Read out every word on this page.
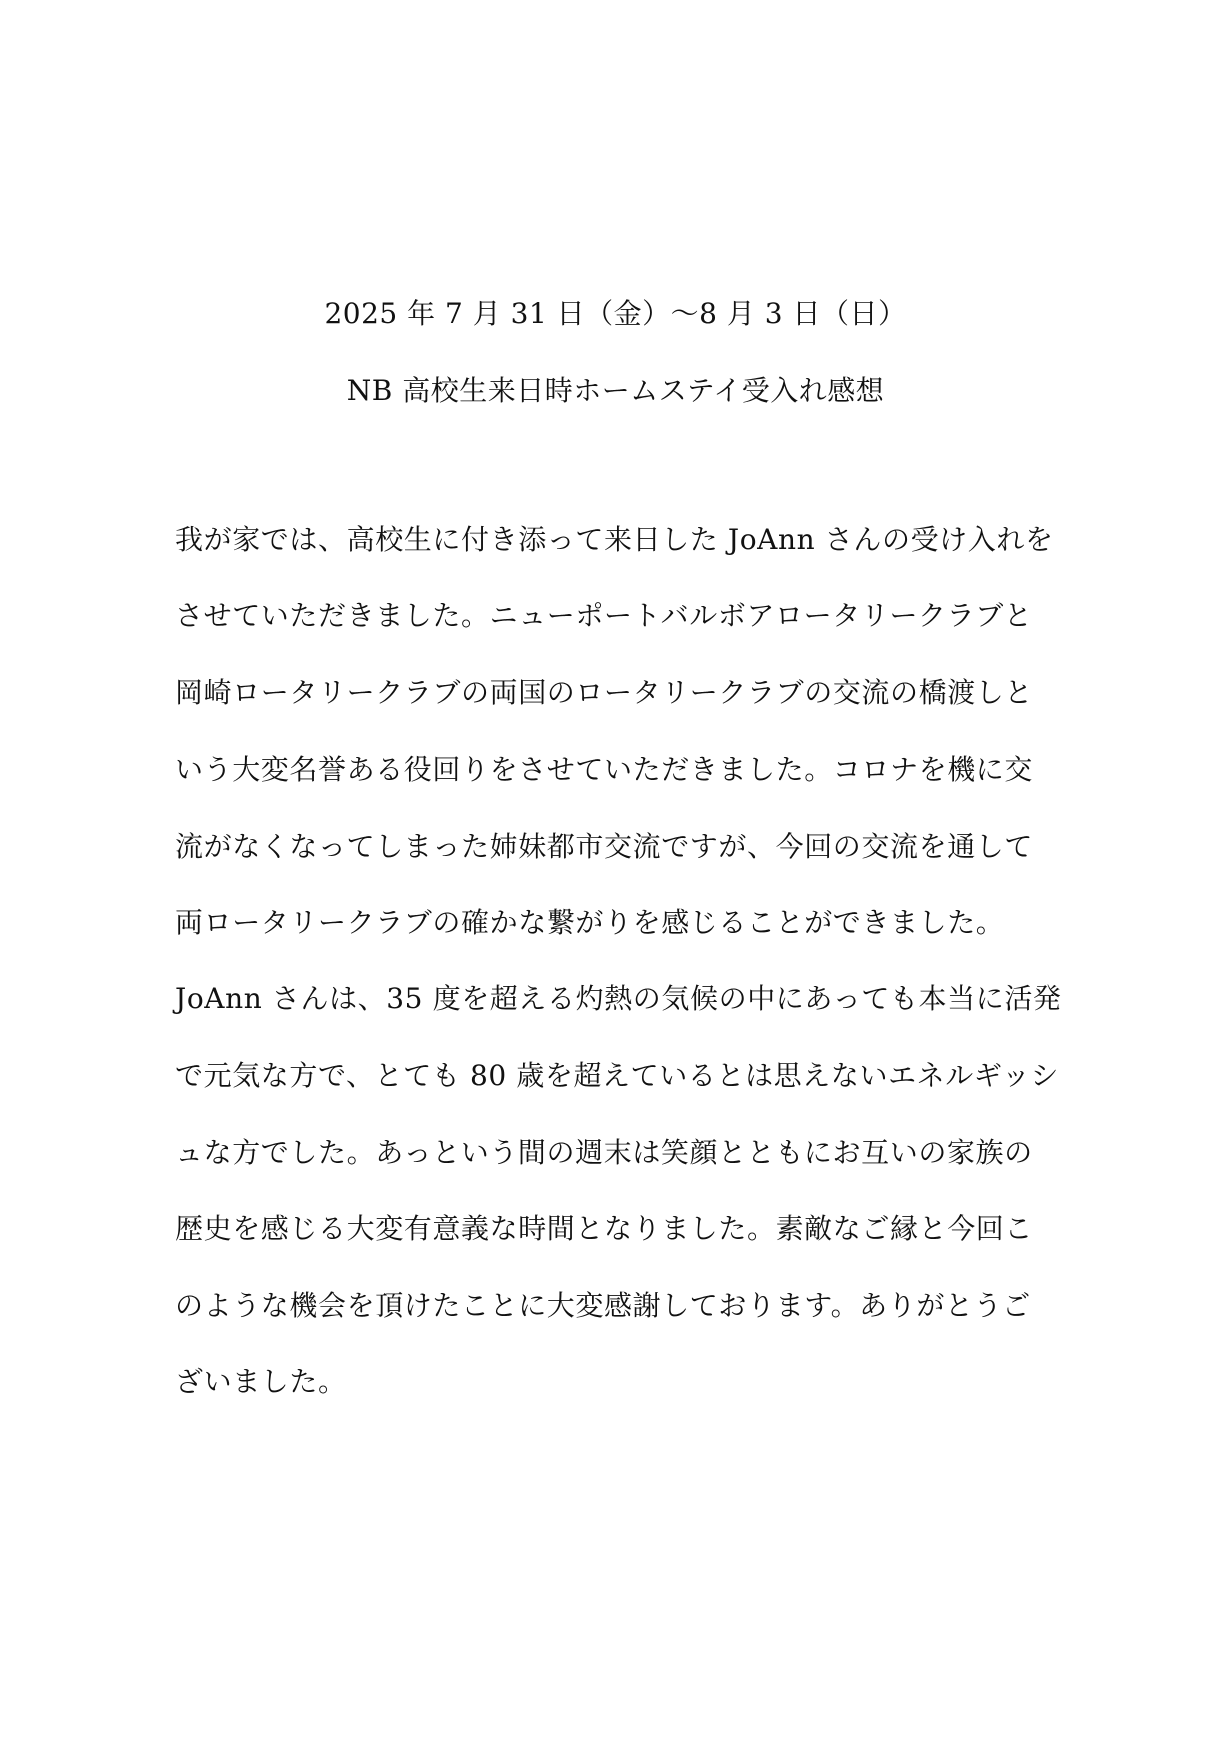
2025 年 7 月 31 日（金）〜8 月 3 日（日）
NB 高校生来日時ホームステイ受入れ感想
我が家では、高校生に付き添って来日した JoAnn さんの受け入れを
させていただきました。ニューポートバルボアロータリークラブと
岡崎ロータリークラブの両国のロータリークラブの交流の橋渡しと
いう大変名誉ある役回りをさせていただきました。コロナを機に交
流がなくなってしまった姉妹都市交流ですが、今回の交流を通して
両ロータリークラブの確かな繋がりを感じることができました。
JoAnn さんは、35 度を超える灼熱の気候の中にあっても本当に活発
で元気な方で、とても 80 歳を超えているとは思えないエネルギッシ
ュな方でした。あっという間の週末は笑顔とともにお互いの家族の
歴史を感じる大変有意義な時間となりました。素敵なご縁と今回こ
のような機会を頂けたことに大変感謝しております。ありがとうご
ざいました。
